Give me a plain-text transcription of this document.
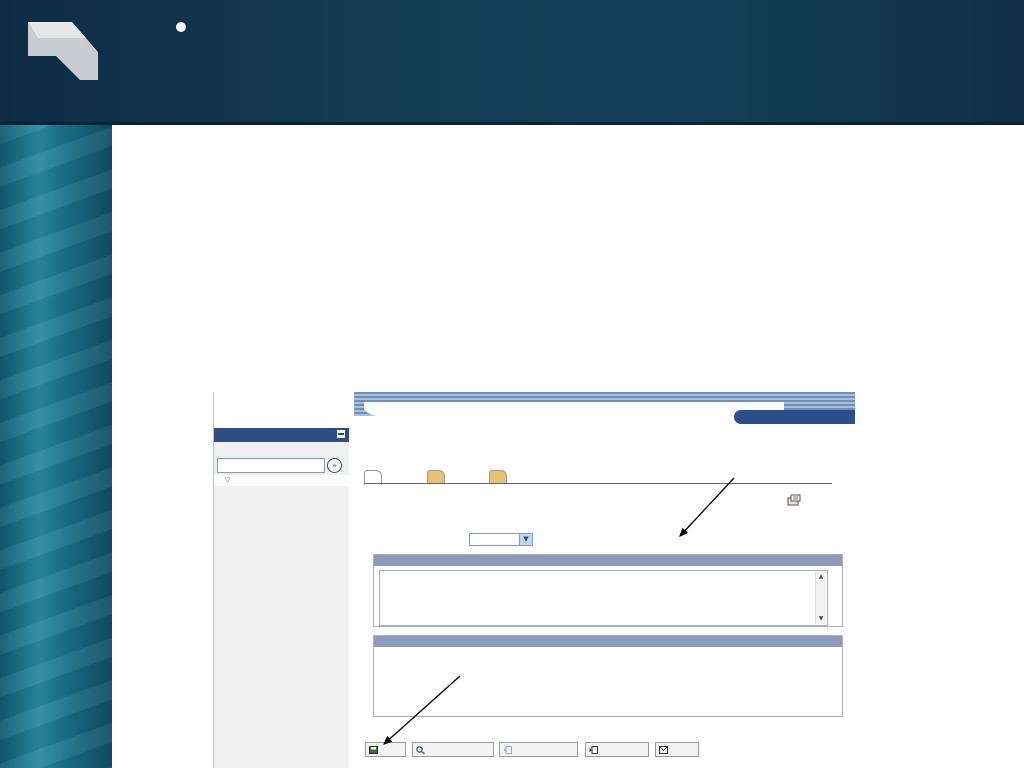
»
▽
▼
▲
▼
